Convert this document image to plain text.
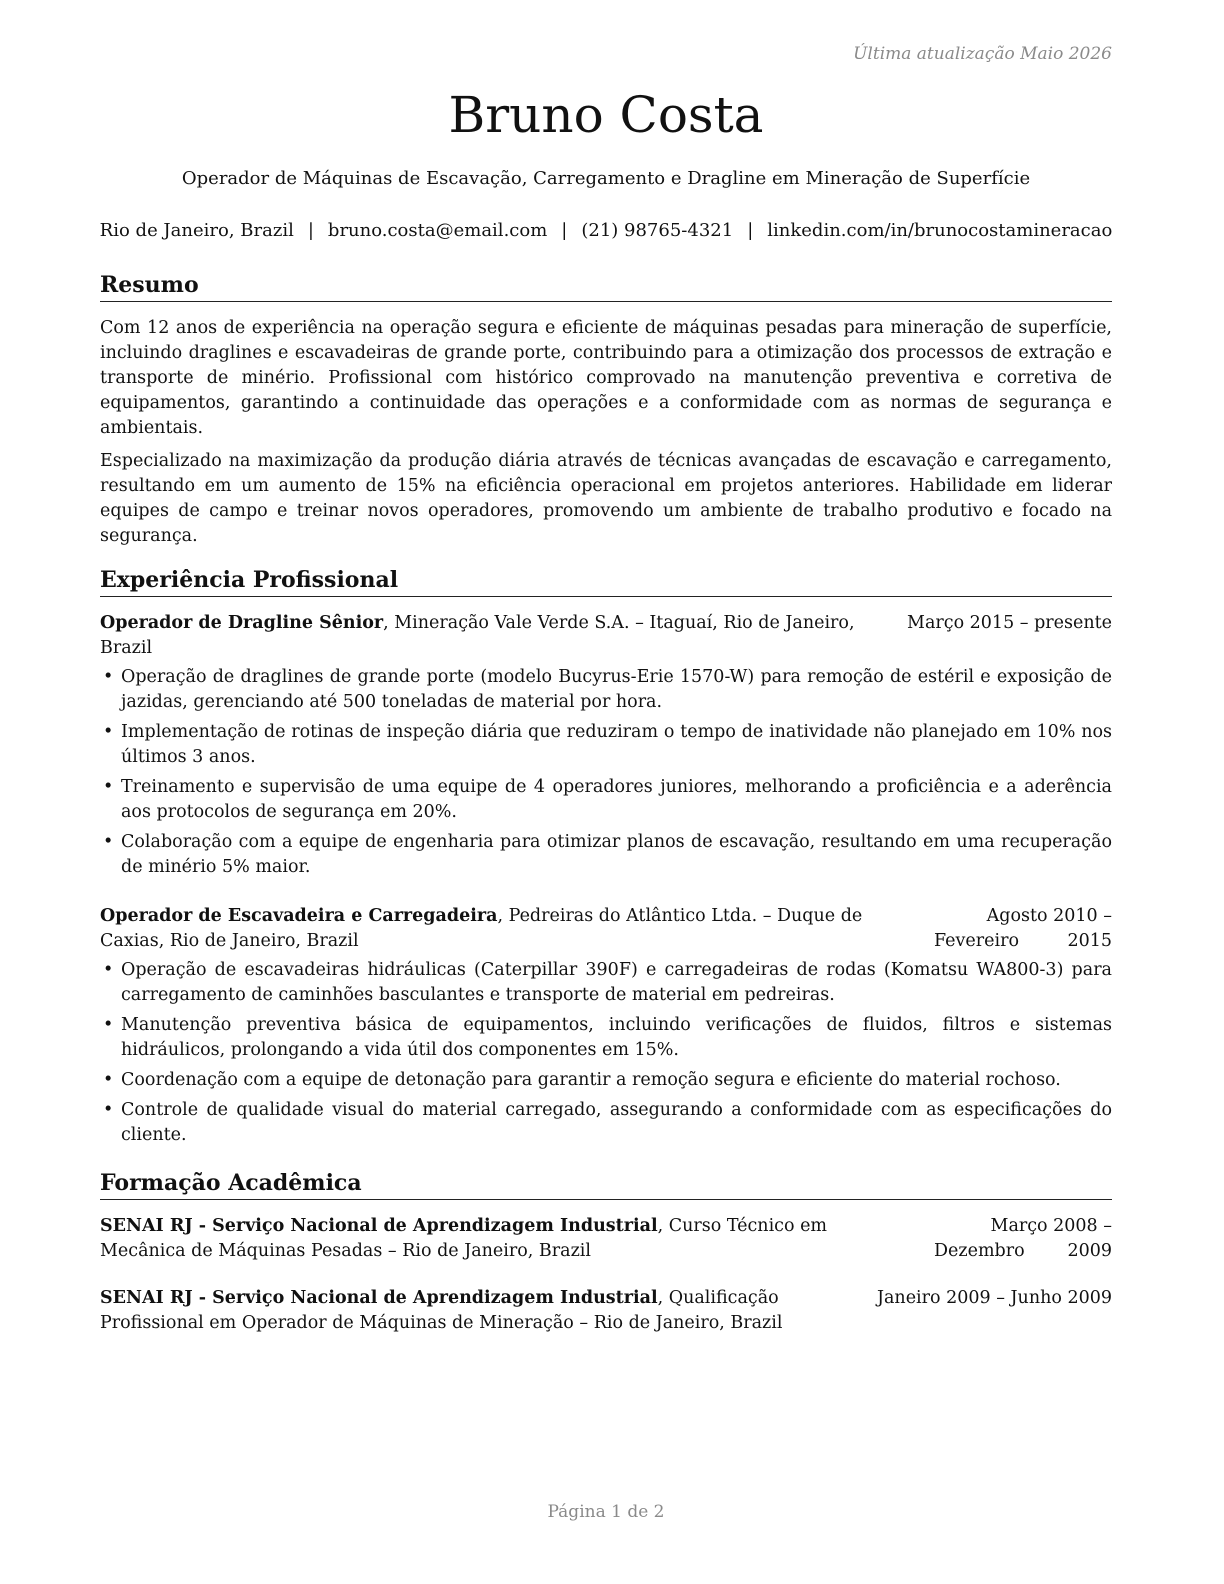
Última atualização Maio 2026
Bruno Costa
Operador de Máquinas de Escavação, Carregamento e Dragline em Mineração de Superfície
Rio de Janeiro, Brazil | bruno.costa@email.com | (21) 98765-4321 | linkedin.com/in/brunocostamineracao
Resumo

Com 12 anos de experiência na operação segura e eficiente de máquinas pesadas para mineração de superfície, incluindo draglines e escavadeiras de grande porte, contribuindo para a otimização dos processos de extração e transporte de minério. Profissional com histórico comprovado na manutenção preventiva e corretiva de equipamentos, garantindo a continuidade das operações e a conformidade com as normas de segurança e ambientais.

Especializado na maximização da produção diária através de técnicas avançadas de escavação e carregamento, resultando em um aumento de 15% na eficiência operacional em projetos anteriores. Habilidade em liderar equipes de campo e treinar novos operadores, promovendo um ambiente de trabalho produtivo e focado na segurança.

Experiência Profissional
Operador de Dragline Sênior, Mineração Vale Verde S.A. – Itaguaí, Rio de Janeiro, Brazil
Março 2015 – presente
• Operação de draglines de grande porte (modelo Bucyrus-Erie 1570-W) para remoção de estéril e exposição de jazidas, gerenciando até 500 toneladas de material por hora.
• Implementação de rotinas de inspeção diária que reduziram o tempo de inatividade não planejado em 10% nos últimos 3 anos.
• Treinamento e supervisão de uma equipe de 4 operadores juniores, melhorando a proficiência e a aderência aos protocolos de segurança em 20%.
• Colaboração com a equipe de engenharia para otimizar planos de escavação, resultando em uma recuperação de minério 5% maior.
Operador de Escavadeira e Carregadeira, Pedreiras do Atlântico Ltda. – Duque de Caxias, Rio de Janeiro, Brazil
Agosto 2010 – Fevereiro 2015
• Operação de escavadeiras hidráulicas (Caterpillar 390F) e carregadeiras de rodas (Komatsu WA800-3) para carregamento de caminhões basculantes e transporte de material em pedreiras.
• Manutenção preventiva básica de equipamentos, incluindo verificações de fluidos, filtros e sistemas hidráulicos, prolongando a vida útil dos componentes em 15%.
• Coordenação com a equipe de detonação para garantir a remoção segura e eficiente do material rochoso.
• Controle de qualidade visual do material carregado, assegurando a conformidade com as especificações do cliente.
Formação Acadêmica
SENAI RJ - Serviço Nacional de Aprendizagem Industrial, Curso Técnico em Mecânica de Máquinas Pesadas – Rio de Janeiro, Brazil
Março 2008 – Dezembro 2009
SENAI RJ - Serviço Nacional de Aprendizagem Industrial, Qualificação Profissional em Operador de Máquinas de Mineração – Rio de Janeiro, Brazil
Janeiro 2009 – Junho 2009
Página 1 de 2
